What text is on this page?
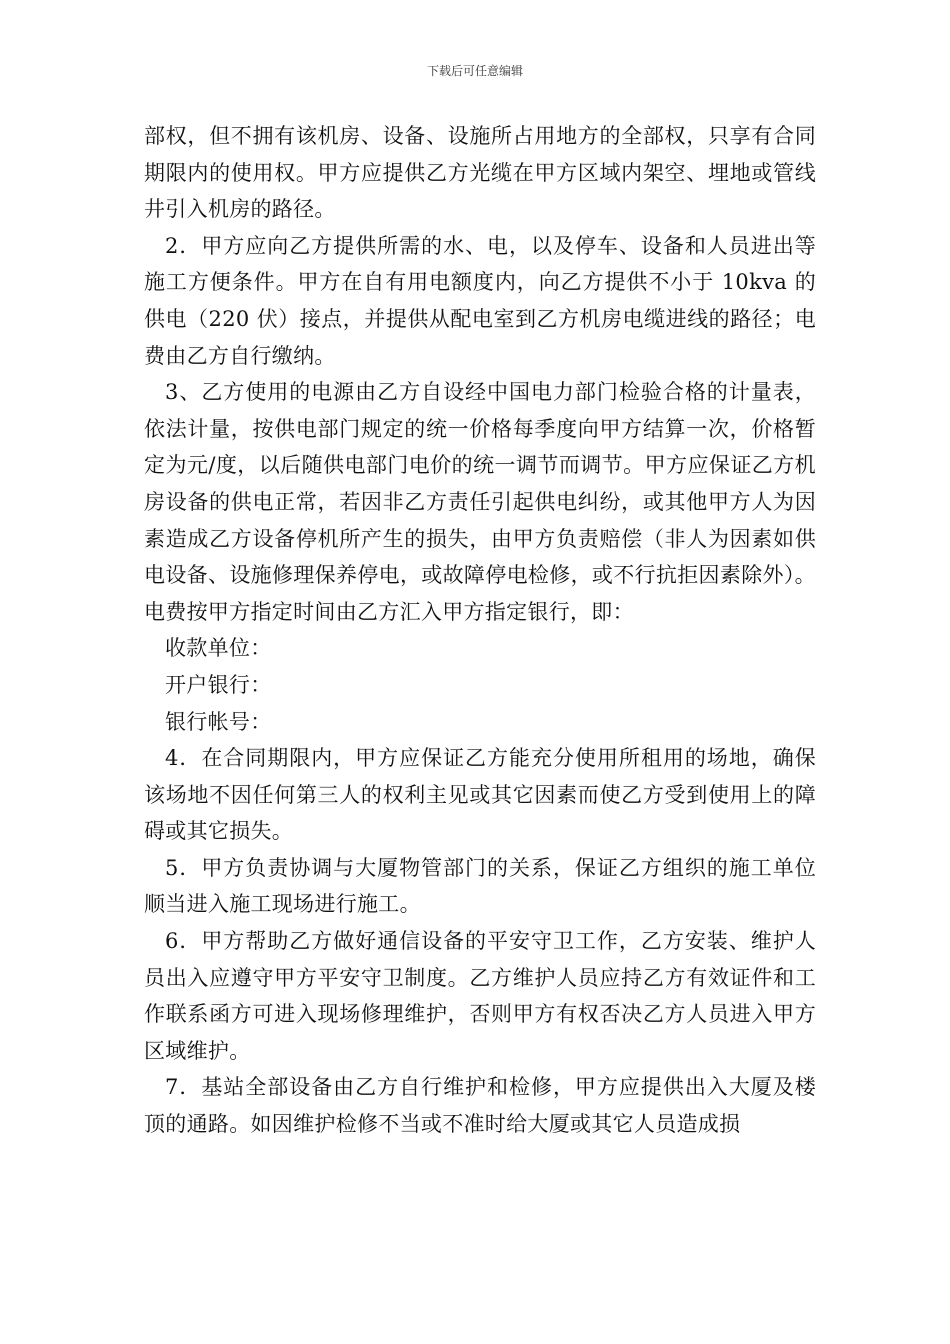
下载后可任意编辑

部权，但不拥有该机房、设备、设施所占用地方的全部权，只享有合同期限内的使用权。甲方应提供乙方光缆在甲方区域内架空、埋地或管线井引入机房的路径。

2．甲方应向乙方提供所需的水、电，以及停车、设备和人员进出等施工方便条件。甲方在自有用电额度内，向乙方提供不小于 10kva 的供电（220 伏）接点，并提供从配电室到乙方机房电缆进线的路径；电费由乙方自行缴纳。

3、乙方使用的电源由乙方自设经中国电力部门检验合格的计量表，依法计量，按供电部门规定的统一价格每季度向甲方结算一次，价格暂定为元/度，以后随供电部门电价的统一调节而调节。甲方应保证乙方机房设备的供电正常，若因非乙方责任引起供电纠纷，或其他甲方人为因素造成乙方设备停机所产生的损失，由甲方负责赔偿（非人为因素如供电设备、设施修理保养停电，或故障停电检修，或不行抗拒因素除外）。电费按甲方指定时间由乙方汇入甲方指定银行，即：

收款单位：

开户银行：

银行帐号：

4．在合同期限内，甲方应保证乙方能充分使用所租用的场地，确保该场地不因任何第三人的权利主见或其它因素而使乙方受到使用上的障碍或其它损失。

5．甲方负责协调与大厦物管部门的关系，保证乙方组织的施工单位顺当进入施工现场进行施工。

6．甲方帮助乙方做好通信设备的平安守卫工作，乙方安装、维护人员出入应遵守甲方平安守卫制度。乙方维护人员应持乙方有效证件和工作联系函方可进入现场修理维护，否则甲方有权否决乙方人员进入甲方区域维护。

7．基站全部设备由乙方自行维护和检修，甲方应提供出入大厦及楼顶的通路。如因维护检修不当或不准时给大厦或其它人员造成损
